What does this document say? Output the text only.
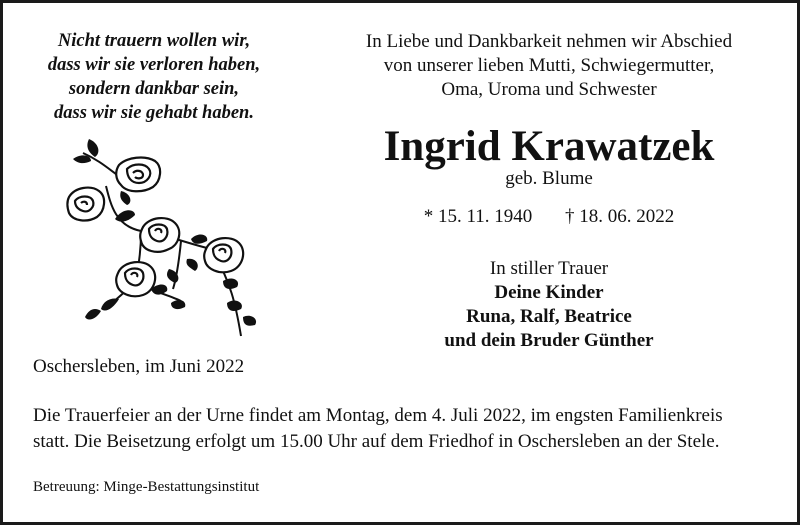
Nicht trauern wollen wir,
dass wir sie verloren haben,
sondern dankbar sein,
dass wir sie gehabt haben.
In Liebe und Dankbarkeit nehmen wir Abschied
von unserer lieben Mutti, Schwiegermutter,
Oma, Uroma und Schwester
Ingrid Krawatzek
geb. Blume
* 15. 11. 1940 † 18. 06. 2022
In stiller Trauer
Deine Kinder
Runa, Ralf, Beatrice
und dein Bruder Günther
Oschersleben, im Juni 2022
Die Trauerfeier an der Urne findet am Montag, dem 4. Juli 2022, im engsten Familienkreis
statt. Die Beisetzung erfolgt um 15.00 Uhr auf dem Friedhof in Oschersleben an der Stele.
Betreuung: Minge-Bestattungsinstitut
